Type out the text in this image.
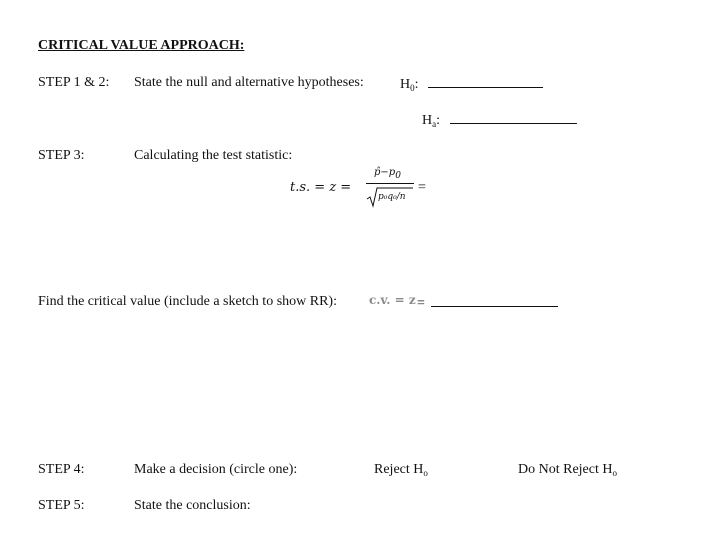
CRITICAL VALUE APPROACH:
STEP 1 & 2: State the null and alternative hypotheses:	$H_0$:
$H_a$:
STEP 3:	Calculating the test statistic:
t.s. = z =
$p̂-p_0$
p₀q₀/n
=
Find the critical value (include a sketch to show RR):	c.v. = z =
STEP 4:	Make a decision (circle one):	Reject $H_o$	Do Not Reject $H_o$
STEP 5:	State the conclusion:
